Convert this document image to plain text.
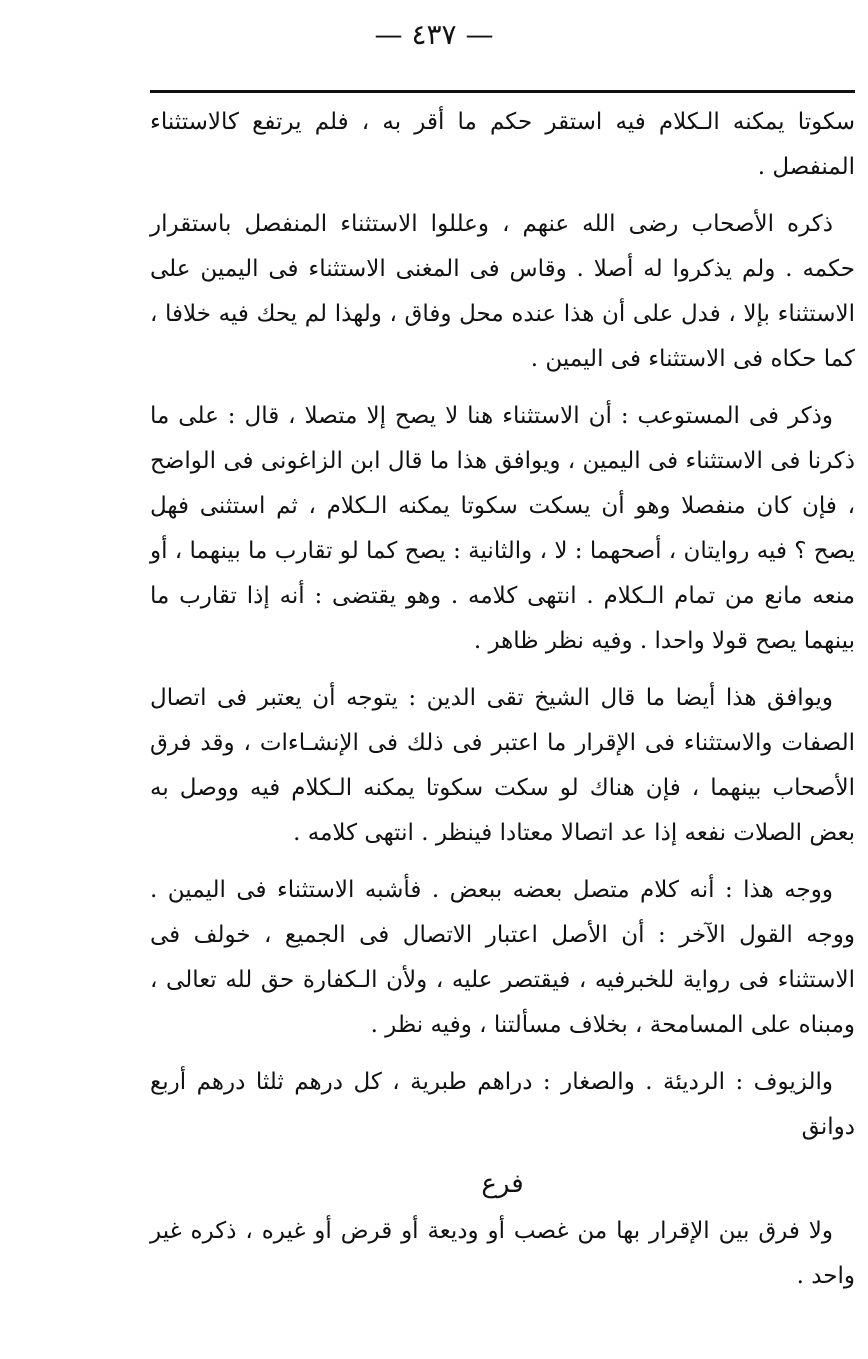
— ٤٣٧ —

سكوتا يمكنه الـكلام فيه استقر حكم ما أقر به ، فلم يرتفع كالاستثناء المنفصل .

ذكره الأصحاب رضى الله عنهم ، وعللوا الاستثناء المنفصل باستقرار حكمه . ولم يذكروا له أصلا . وقاس فى المغنى الاستثناء فى اليمين على الاستثناء بإلا ، فدل على أن هذا عنده محل وفاق ، ولهذا لم يحك فيه خلافا ، كما حكاه فى الاستثناء فى اليمين .

وذكر فى المستوعب : أن الاستثناء هنا لا يصح إلا متصلا ، قال : على ما ذكرنا فى الاستثناء فى اليمين ، ويوافق هذا ما قال ابن الزاغونى فى الواضح ، فإن كان منفصلا وهو أن يسكت سكوتا يمكنه الـكلام ، ثم استثنى فهل يصح ؟ فيه روايتان ، أصحهما : لا ، والثانية : يصح كما لو تقارب ما بينهما ، أو منعه مانع من تمام الـكلام . انتهى كلامه . وهو يقتضى : أنه إذا تقارب ما بينهما يصح قولا واحدا . وفيه نظر ظاهر .

ويوافق هذا أيضا ما قال الشيخ تقى الدين : يتوجه أن يعتبر فى اتصال الصفات والاستثناء فى الإقرار ما اعتبر فى ذلك فى الإنشـاءات ، وقد فرق الأصحاب بينهما ، فإن هناك لو سكت سكوتا يمكنه الـكلام فيه ووصل به بعض الصلات نفعه إذا عد اتصالا معتادا فينظر . انتهى كلامه .

ووجه هذا : أنه كلام متصل بعضه ببعض . فأشبه الاستثناء فى اليمين . ووجه القول الآخر : أن الأصل اعتبار الاتصال فى الجميع ، خولف فى الاستثناء فى رواية للخبرفيه ، فيقتصر عليه ، ولأن الـكفارة حق لله تعالى ، ومبناه على المسامحة ، بخلاف مسألتنا ، وفيه نظر .

والزيوف : الرديئة . والصغار : دراهم طبرية ، كل درهم ثلثا درهم أربع دوانق

فرع

ولا فرق بين الإقرار بها من غصب أو وديعة أو قرض أو غيره ، ذكره غير واحد .
